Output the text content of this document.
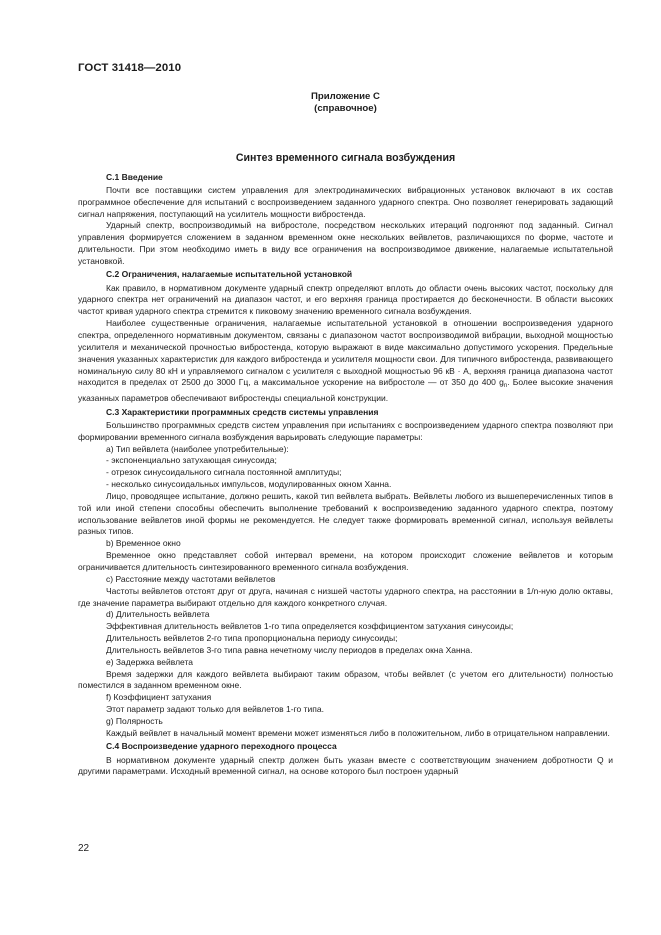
ГОСТ 31418—2010
Приложение С
(справочное)
Синтез временного сигнала возбуждения
С.1 Введение

Почти все поставщики систем управления для электродинамических вибрационных установок включают в их состав программное обеспечение для испытаний с воспроизведением заданного ударного спектра. Оно позволяет генерировать задающий сигнал напряжения, поступающий на усилитель мощности вибростенда.

Ударный спектр, воспроизводимый на вибростоле, посредством нескольких итераций подгоняют под заданный. Сигнал управления формируется сложением в заданном временном окне нескольких вейвлетов, различающихся по форме, частоте и длительности. При этом необходимо иметь в виду все ограничения на воспроизводимое движение, налагаемые испытательной установкой.

С.2 Ограничения, налагаемые испытательной установкой

Как правило, в нормативном документе ударный спектр определяют вплоть до области очень высоких частот, поскольку для ударного спектра нет ограничений на диапазон частот, и его верхняя граница простирается до бесконечности. В области высоких частот кривая ударного спектра стремится к пиковому значению временного сигнала возбуждения.

Наиболее существенные ограничения, налагаемые испытательной установкой в отношении воспроизведения ударного спектра, определенного нормативным документом, связаны с диапазоном частот воспроизводимой вибрации, выходной мощностью усилителя и механической прочностью вибростенда, которую выражают в виде максимально допустимого ускорения. Предельные значения указанных характеристик для каждого вибростенда и усилителя мощности свои. Для типичного вибростенда, развивающего номинальную силу 80 кН и управляемого сигналом с усилителя с выходной мощностью 96 кВ · А, верхняя граница диапазона частот находится в пределах от 2500 до 3000 Гц, а максимальное ускорение на вибростоле — от 350 до 400 $g_n$. Более высокие значения указанных параметров обеспечивают вибростенды специальной конструкции.

С.3 Характеристики программных средств системы управления

Большинство программных средств систем управления при испытаниях с воспроизведением ударного спектра позволяют при формировании временного сигнала возбуждения варьировать следующие параметры:

а) Тип вейвлета (наиболее употребительные):
- экспоненциально затухающая синусоида;
- отрезок синусоидального сигнала постоянной амплитуды;
- несколько синусоидальных импульсов, модулированных окном Ханна.

Лицо, проводящее испытание, должно решить, какой тип вейвлета выбрать. Вейвлеты любого из вышеперечисленных типов в той или иной степени способны обеспечить выполнение требований к воспроизведению заданного ударного спектра, поэтому использование вейвлетов иной формы не рекомендуется. Не следует также формировать временной сигнал, используя вейвлеты разных типов.

b) Временное окно

Временное окно представляет собой интервал времени, на котором происходит сложение вейвлетов и которым ограничивается длительность синтезированного временного сигнала возбуждения.

с) Расстояние между частотами вейвлетов

Частоты вейвлетов отстоят друг от друга, начиная с низшей частоты ударного спектра, на расстоянии в 1/n-ную долю октавы, где значение параметра выбирают отдельно для каждого конкретного случая.

d) Длительность вейвлета
Эффективная длительность вейвлетов 1-го типа определяется коэффициентом затухания синусоиды;
Длительность вейвлетов 2-го типа пропорциональна периоду синусоиды;
Длительность вейвлетов 3-го типа равна нечетному числу периодов в пределах окна Ханна.
е) Задержка вейвлета

Время задержки для каждого вейвлета выбирают таким образом, чтобы вейвлет (с учетом его длительности) полностью поместился в заданном временном окне.

f) Коэффициент затухания

Этот параметр задают только для вейвлетов 1-го типа.

g) Полярность

Каждый вейвлет в начальный момент времени может изменяться либо в положительном, либо в отрицательном направлении.

С.4 Воспроизведение ударного переходного процесса

В нормативном документе ударный спектр должен быть указан вместе с соответствующим значением добротности Q и другими параметрами. Исходный временной сигнал, на основе которого был построен ударный

22
